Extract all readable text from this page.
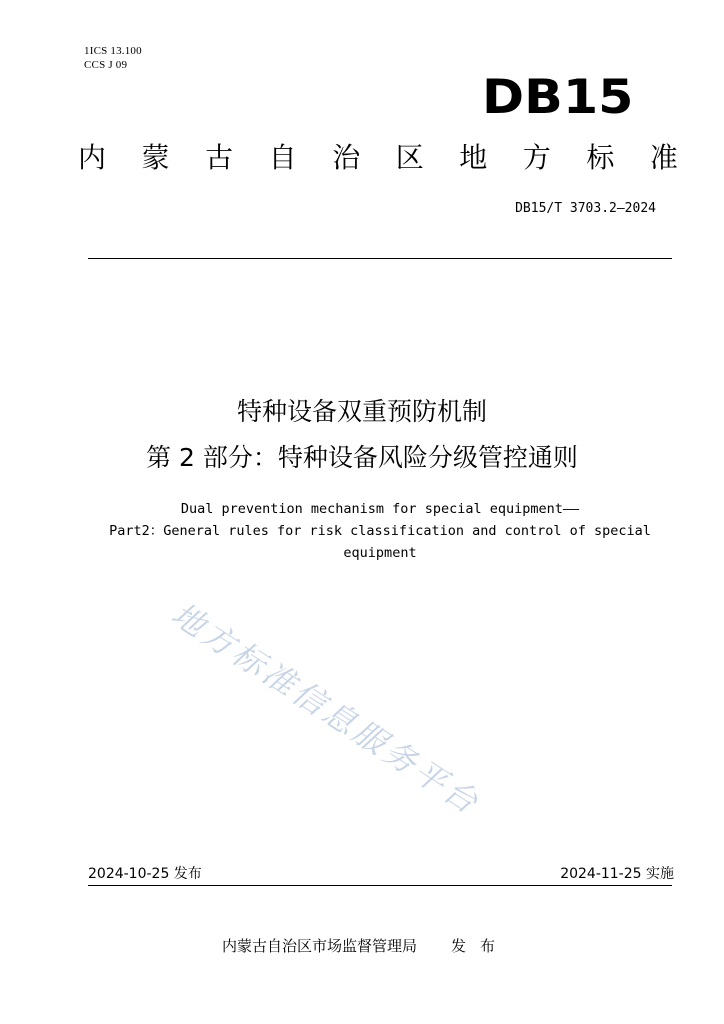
1ICS 13.100
CCS J 09
DB15
内 蒙 古 自 治 区 地 方 标 准
DB15/T 3703.2—2024
特种设备双重预防机制
第 2 部分：特种设备风险分级管控通则
Dual prevention mechanism for special equipment——
Part2：General rules for risk classification and control of special
equipment
地方标准信息服务平台
2024-10-25 发布	2024-11-25 实施
内蒙古自治区市场监督管理局 发布
